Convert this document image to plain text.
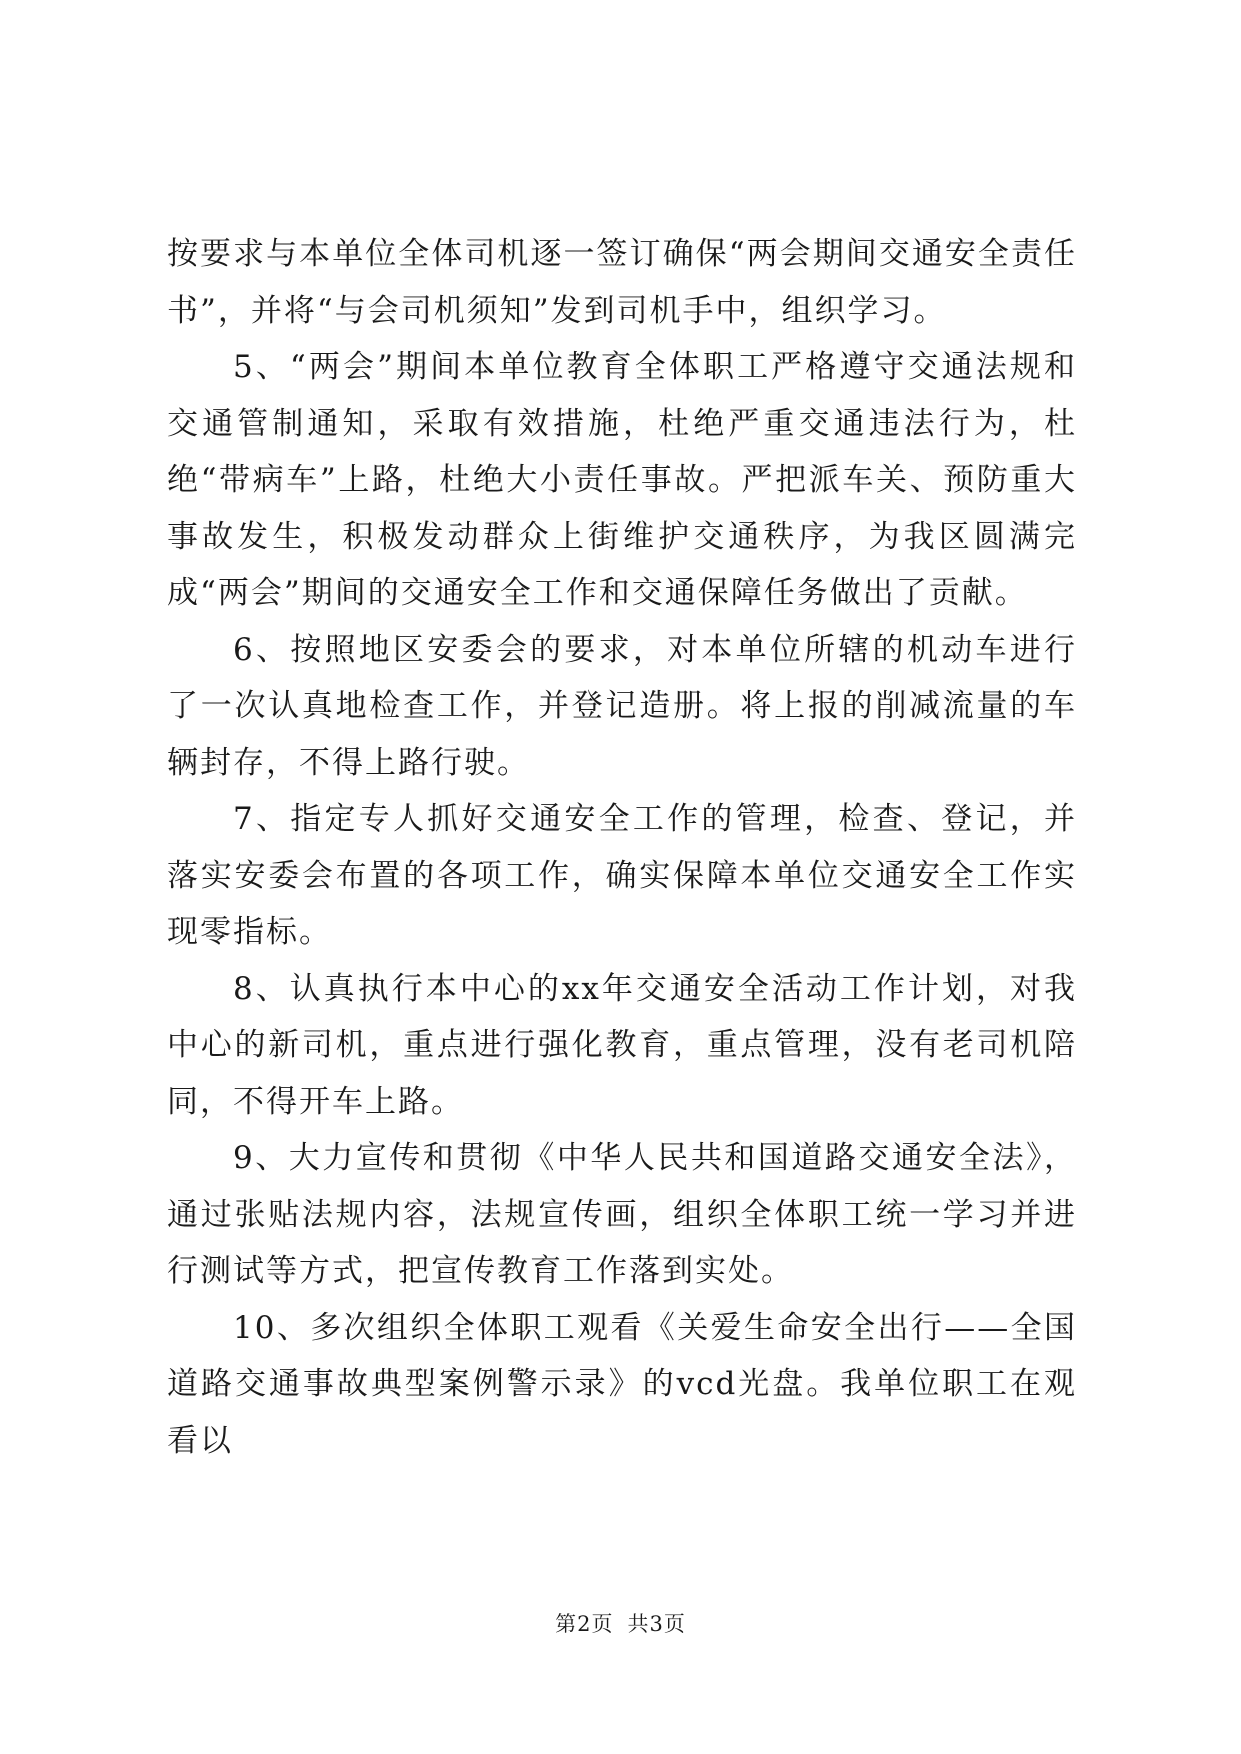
按要求与本单位全体司机逐一签订确保“两会期间交通安全责任书”，并将“与会司机须知”发到司机手中，组织学习。

5、“两会”期间本单位教育全体职工严格遵守交通法规和交通管制通知，采取有效措施，杜绝严重交通违法行为，杜绝“带病车”上路，杜绝大小责任事故。严把派车关、预防重大事故发生，积极发动群众上街维护交通秩序，为我区圆满完成“两会”期间的交通安全工作和交通保障任务做出了贡献。

6、按照地区安委会的要求，对本单位所辖的机动车进行了一次认真地检查工作，并登记造册。将上报的削减流量的车辆封存，不得上路行驶。

7、指定专人抓好交通安全工作的管理，检查、登记，并落实安委会布置的各项工作，确实保障本单位交通安全工作实现零指标。

8、认真执行本中心的xx年交通安全活动工作计划，对我中心的新司机，重点进行强化教育，重点管理，没有老司机陪同，不得开车上路。

9、大力宣传和贯彻《中华人民共和国道路交通安全法》，通过张贴法规内容，法规宣传画，组织全体职工统一学习并进行测试等方式，把宣传教育工作落到实处。

10、多次组织全体职工观看《关爱生命安全出行——全国道路交通事故典型案例警示录》的vcd光盘。我单位职工在观看以

第2页 共3页
